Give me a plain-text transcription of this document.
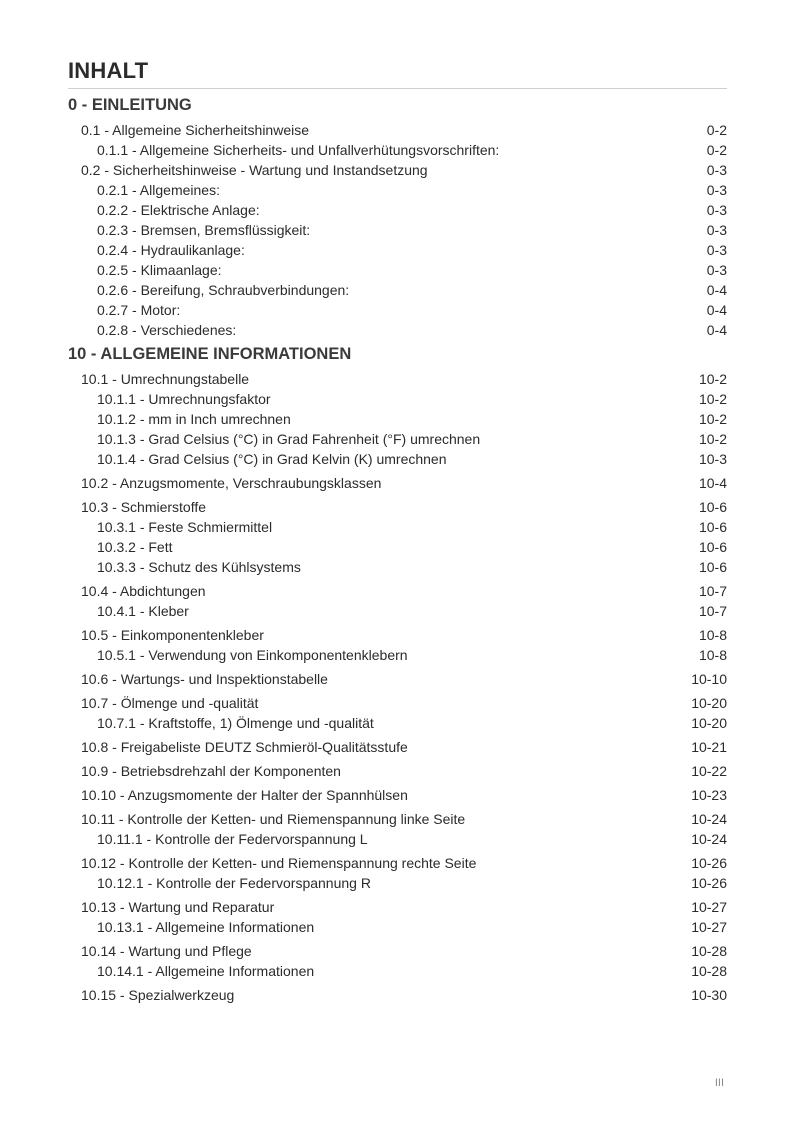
INHALT
0 - EINLEITUNG
0.1 - Allgemeine Sicherheitshinweise	0-2
0.1.1 - Allgemeine Sicherheits- und Unfallverhütungsvorschriften:	0-2
0.2 - Sicherheitshinweise - Wartung und Instandsetzung	0-3
0.2.1 - Allgemeines:	0-3
0.2.2 - Elektrische Anlage:	0-3
0.2.3 - Bremsen, Bremsflüssigkeit:	0-3
0.2.4 - Hydraulikanlage:	0-3
0.2.5 - Klimaanlage:	0-3
0.2.6 - Bereifung, Schraubverbindungen:	0-4
0.2.7 - Motor:	0-4
0.2.8 - Verschiedenes:	0-4
10 - ALLGEMEINE INFORMATIONEN
10.1 - Umrechnungstabelle	10-2
10.1.1 - Umrechnungsfaktor	10-2
10.1.2 - mm in Inch umrechnen	10-2
10.1.3 - Grad Celsius (°C) in Grad Fahrenheit (°F) umrechnen	10-2
10.1.4 - Grad Celsius (°C) in Grad Kelvin (K) umrechnen	10-3
10.2 - Anzugsmomente, Verschraubungsklassen	10-4
10.3 - Schmierstoffe	10-6
10.3.1 - Feste Schmiermittel	10-6
10.3.2 - Fett	10-6
10.3.3 - Schutz des Kühlsystems	10-6
10.4 - Abdichtungen	10-7
10.4.1 - Kleber	10-7
10.5 - Einkomponentenkleber	10-8
10.5.1 - Verwendung von Einkomponentenklebern	10-8
10.6 - Wartungs- und Inspektionstabelle	10-10
10.7 - Ölmenge und -qualität	10-20
10.7.1 - Kraftstoffe, 1) Ölmenge und -qualität	10-20
10.8 - Freigabeliste DEUTZ Schmieröl-Qualitätsstufe	10-21
10.9 - Betriebsdrehzahl der Komponenten	10-22
10.10 - Anzugsmomente der Halter der Spannhülsen	10-23
10.11 - Kontrolle der Ketten- und Riemenspannung linke Seite	10-24
10.11.1 - Kontrolle der Federvorspannung L	10-24
10.12 - Kontrolle der Ketten- und Riemenspannung rechte Seite	10-26
10.12.1 - Kontrolle der Federvorspannung R	10-26
10.13 - Wartung und Reparatur	10-27
10.13.1 - Allgemeine Informationen	10-27
10.14 - Wartung und Pflege	10-28
10.14.1 - Allgemeine Informationen	10-28
10.15 - Spezialwerkzeug	10-30
III
